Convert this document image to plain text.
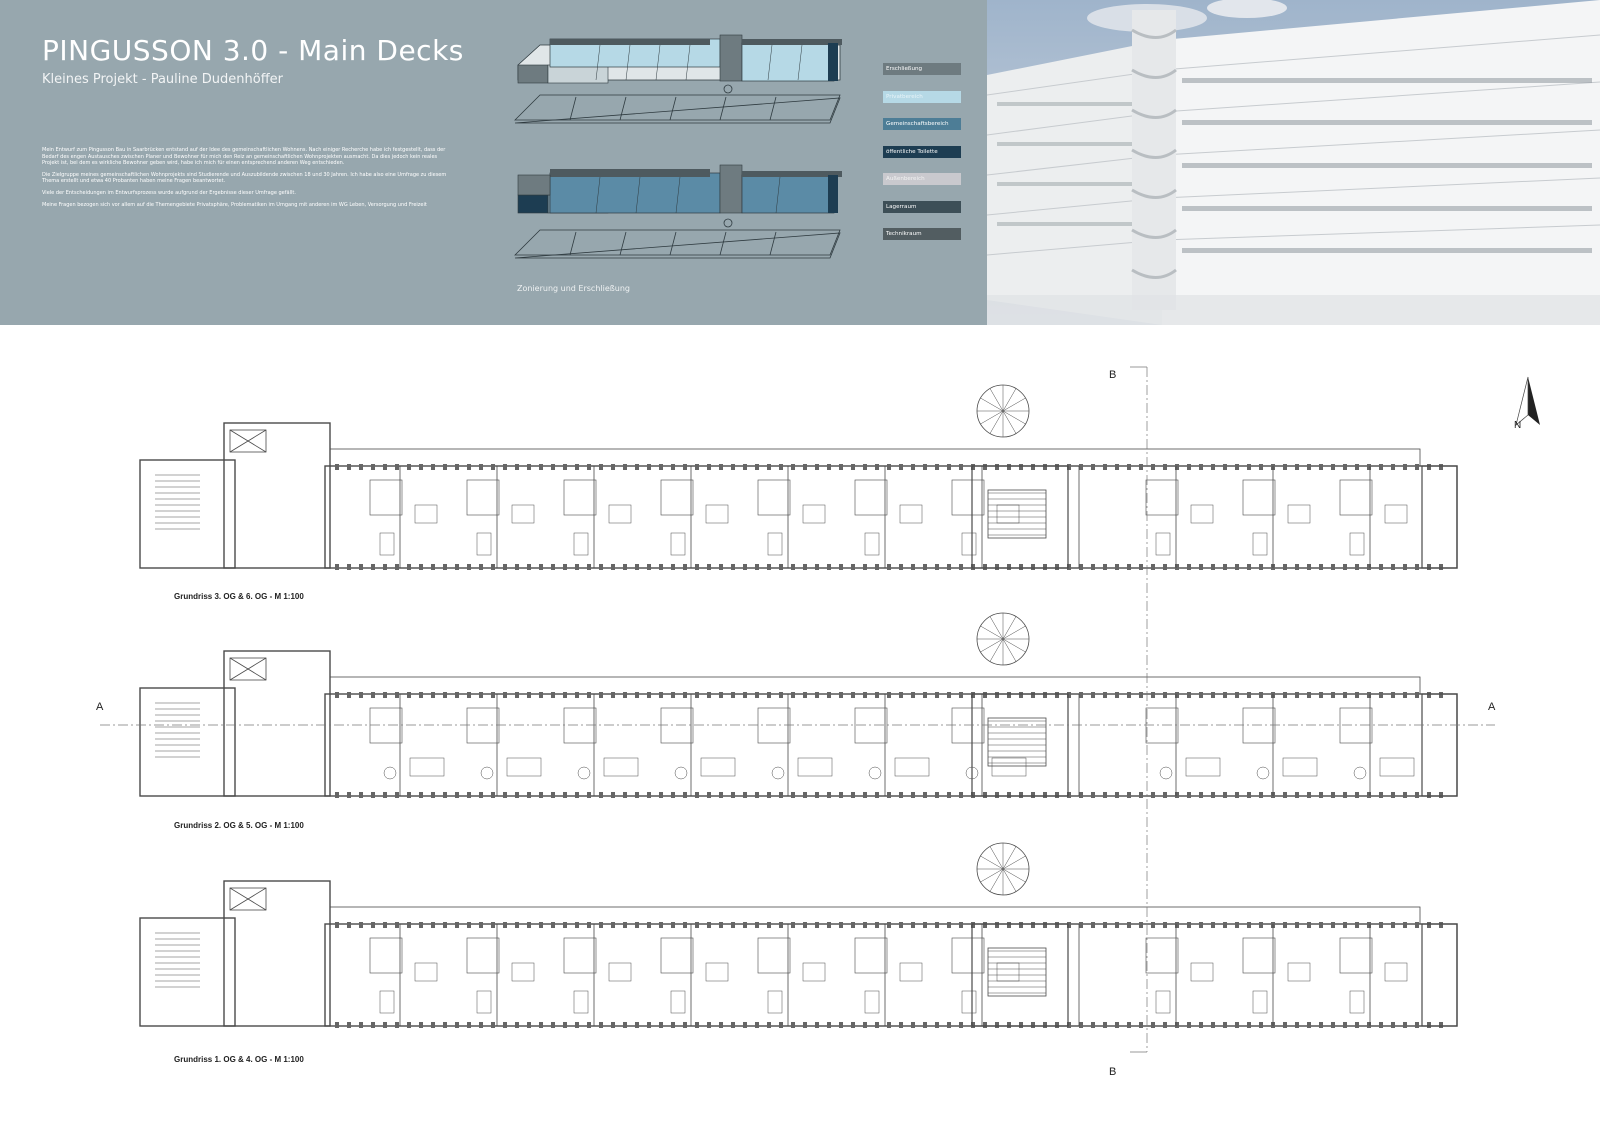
PINGUSSON 3.0 - Main Decks
Kleines Projekt - Pauline Dudenhöffer

Mein Entwurf zum Pingusson Bau in Saarbrücken entstand auf der Idee des gemeinschaftlichen Wohnens. Nach einiger Recherche habe ich festgestellt, dass der Bedarf des engen Austausches zwischen Planer und Bewohner für mich den Reiz an gemeinschaftlichen Wohnprojekten ausmacht. Da dies jedoch kein reales Projekt ist, bei dem es wirkliche Bewohner geben wird, habe ich mich für einen entsprechend anderen Weg entschieden.

Die Zielgruppe meines gemeinschaftlichen Wohnprojekts sind Studierende und Auszubildende zwischen 18 und 30 Jahren. Ich habe also eine Umfrage zu diesem Thema erstellt und etwa 40 Probanten haben meine Fragen beantwortet.

Viele der Entscheidungen im Entwurfsprozess wurde aufgrund der Ergebnisse dieser Umfrage gefällt.

Meine Fragen bezogen sich vor allem auf die Themengebiete Privatsphäre, Problematiken im Umgang mit anderen im WG Leben, Versorgung und Freizeit

Zonierung und Erschließung
Erschließung
Privatbereich
Gemeinschaftsbereich
öffentliche Toilette
Außenbereich
Lagerraum
Technikraum
B
B
A	A
N
Grundriss 3. OG & 6. OG - M 1:100
Grundriss 2. OG & 5. OG - M 1:100
Grundriss 1. OG & 4. OG - M 1:100
